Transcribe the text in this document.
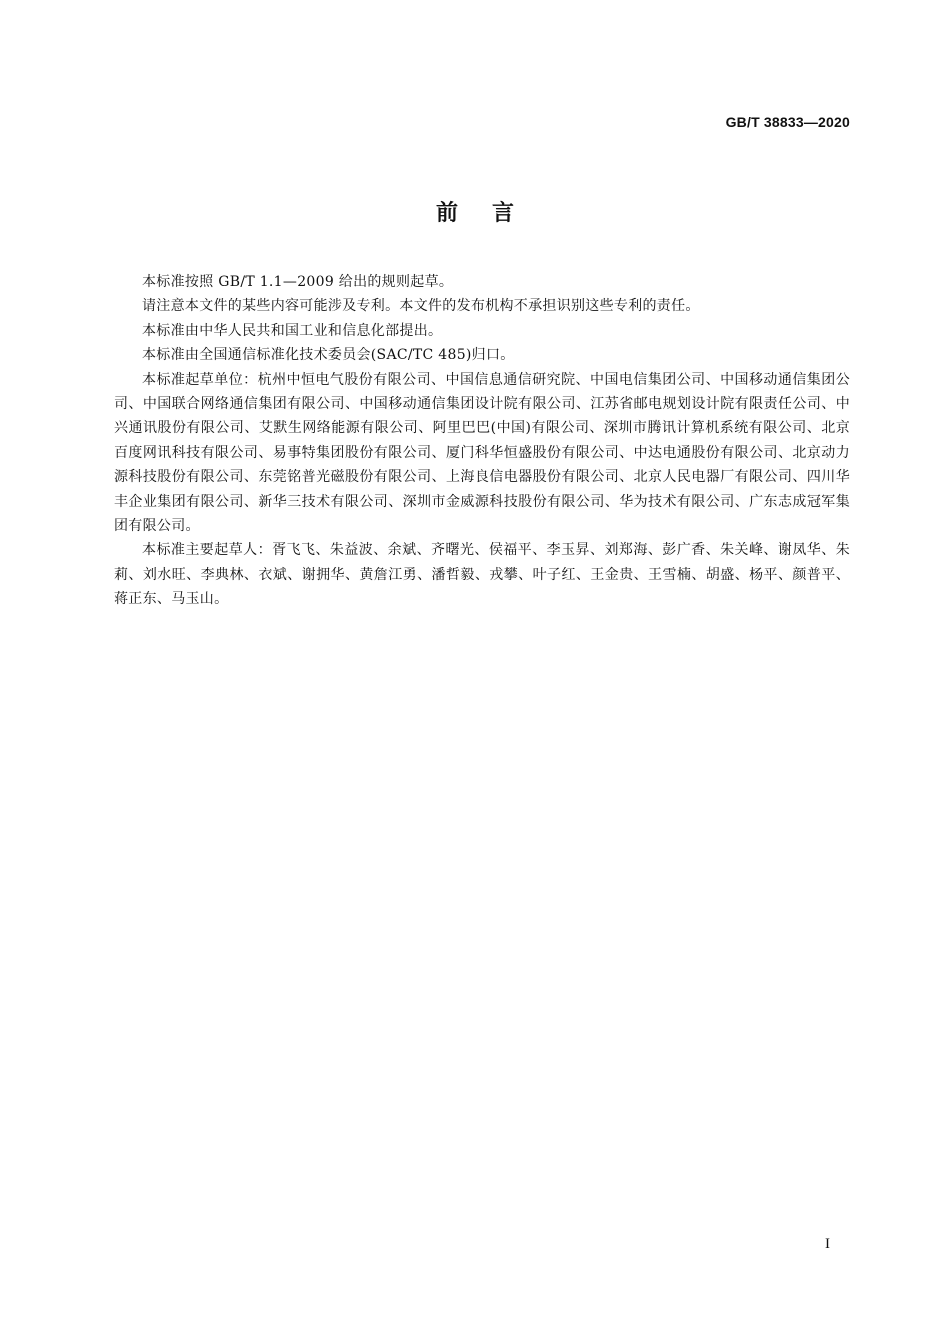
GB/T 38833—2020
前言

本标准按照 GB/T 1.1—2009 给出的规则起草。

请注意本文件的某些内容可能涉及专利。本文件的发布机构不承担识别这些专利的责任。

本标准由中华人民共和国工业和信息化部提出。

本标准由全国通信标准化技术委员会(SAC/TC 485)归口。

本标准起草单位：杭州中恒电气股份有限公司、中国信息通信研究院、中国电信集团公司、中国移动通信集团公司、中国联合网络通信集团有限公司、中国移动通信集团设计院有限公司、江苏省邮电规划设计院有限责任公司、中兴通讯股份有限公司、艾默生网络能源有限公司、阿里巴巴(中国)有限公司、深圳市腾讯计算机系统有限公司、北京百度网讯科技有限公司、易事特集团股份有限公司、厦门科华恒盛股份有限公司、中达电通股份有限公司、北京动力源科技股份有限公司、东莞铭普光磁股份有限公司、上海良信电器股份有限公司、北京人民电器厂有限公司、四川华丰企业集团有限公司、新华三技术有限公司、深圳市金威源科技股份有限公司、华为技术有限公司、广东志成冠军集团有限公司。

本标准主要起草人：胥飞飞、朱益波、余斌、齐曙光、侯福平、李玉昇、刘郑海、彭广香、朱关峰、谢凤华、朱莉、刘水旺、李典林、衣斌、谢拥华、黄詹江勇、潘哲毅、戎攀、叶子红、王金贵、王雪楠、胡盛、杨平、颜普平、蒋正东、马玉山。

I
